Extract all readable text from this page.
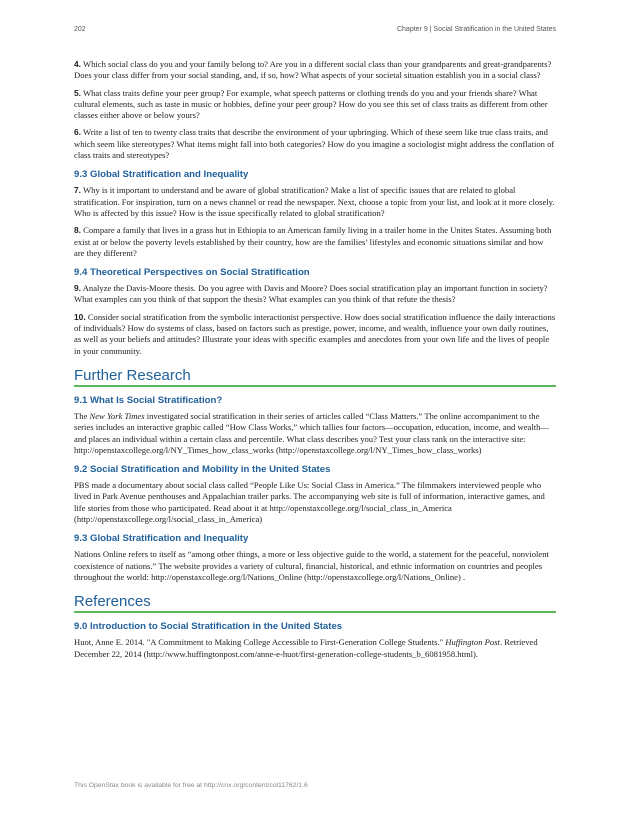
202	Chapter 9 | Social Stratification in the United States

4. Which social class do you and your family belong to? Are you in a different social class than your grandparents and great-grandparents? Does your class differ from your social standing, and, if so, how? What aspects of your societal situation establish you in a social class?

5. What class traits define your peer group? For example, what speech patterns or clothing trends do you and your friends share? What cultural elements, such as taste in music or hobbies, define your peer group? How do you see this set of class traits as different from other classes either above or below yours?

6. Write a list of ten to twenty class traits that describe the environment of your upbringing. Which of these seem like true class traits, and which seem like stereotypes? What items might fall into both categories? How do you imagine a sociologist might address the conflation of class traits and stereotypes?

9.3 Global Stratification and Inequality

7. Why is it important to understand and be aware of global stratification? Make a list of specific issues that are related to global stratification. For inspiration, turn on a news channel or read the newspaper. Next, choose a topic from your list, and look at it more closely. Who is affected by this issue? How is the issue specifically related to global stratification?

8. Compare a family that lives in a grass hut in Ethiopia to an American family living in a trailer home in the Unites States. Assuming both exist at or below the poverty levels established by their country, how are the families’ lifestyles and economic situations similar and how are they different?

9.4 Theoretical Perspectives on Social Stratification

9. Analyze the Davis-Moore thesis. Do you agree with Davis and Moore? Does social stratification play an important function in society? What examples can you think of that support the thesis? What examples can you think of that refute the thesis?

10. Consider social stratification from the symbolic interactionist perspective. How does social stratification influence the daily interactions of individuals? How do systems of class, based on factors such as prestige, power, income, and wealth, influence your own daily routines, as well as your beliefs and attitudes? Illustrate your ideas with specific examples and anecdotes from your own life and the lives of people in your community.

Further Research
9.1 What Is Social Stratification?

The New York Times investigated social stratification in their series of articles called “Class Matters.” The online accompaniment to the series includes an interactive graphic called “How Class Works,” which tallies four factors—occupation, education, income, and wealth—and places an individual within a certain class and percentile. What class describes you? Test your class rank on the interactive site: http://openstaxcollege.org/l/NY_Times_how_class_works (http://openstaxcollege.org/l/NY_Times_how_class_works)

9.2 Social Stratification and Mobility in the United States

PBS made a documentary about social class called “People Like Us: Social Class in America.” The filmmakers interviewed people who lived in Park Avenue penthouses and Appalachian trailer parks. The accompanying web site is full of information, interactive games, and life stories from those who participated. Read about it at http://openstaxcollege.org/l/social_class_in_America (http://openstaxcollege.org/l/social_class_in_America)

9.3 Global Stratification and Inequality

Nations Online refers to itself as “among other things, a more or less objective guide to the world, a statement for the peaceful, nonviolent coexistence of nations.” The website provides a variety of cultural, financial, historical, and ethnic information on countries and peoples throughout the world: http://openstaxcollege.org/l/Nations_Online (http://openstaxcollege.org/l/Nations_Online) .

References
9.0 Introduction to Social Stratification in the United States

Huot, Anne E. 2014. "A Commitment to Making College Accessible to First-Generation College Students." Huffington Post. Retrieved December 22, 2014 (http://www.huffingtonpost.com/anne-e-huot/first-generation-college-students_b_6081958.html).

This OpenStax book is available for free at http://cnx.org/content/col11762/1.6
